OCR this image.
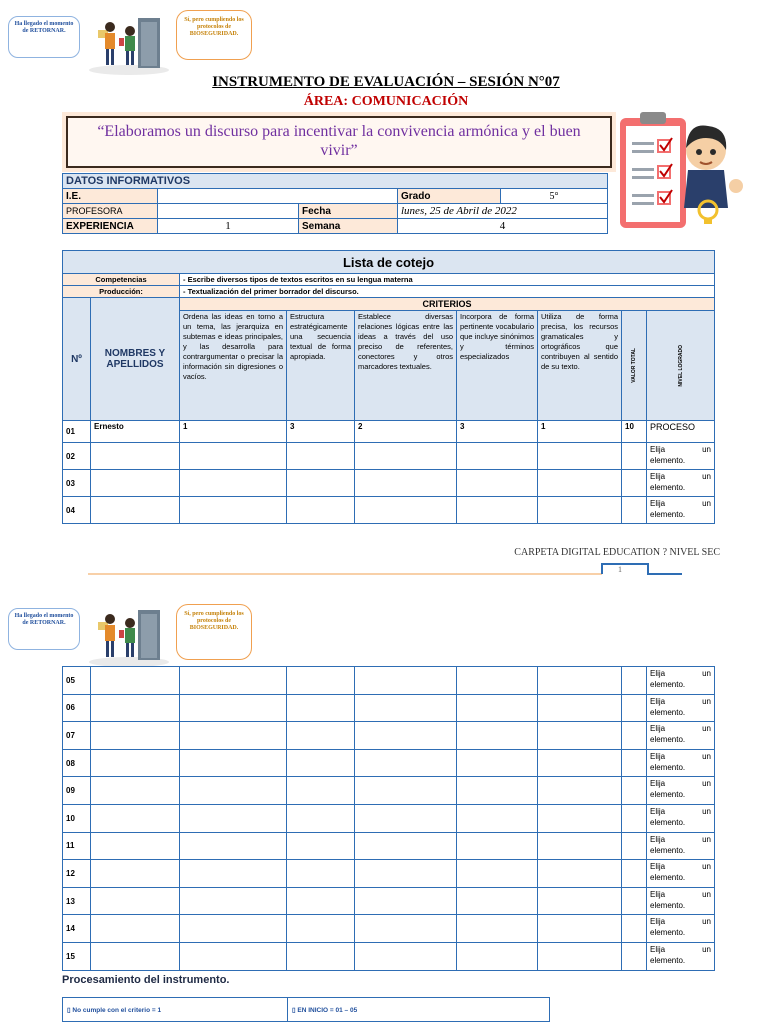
Ha llegado el momento de RETORNAR.
Sí, pero cumpliendo los protocolos de BIOSEGURIDAD.
INSTRUMENTO DE EVALUACIÓN – SESIÓN N°07
ÁREA: COMUNICACIÓN
“Elaboramos un discurso para incentivar la convivencia armónica y el buen vivir”
DATOS INFORMATIVOS				
I.E.			Grado	5°
PROFESORA		Fecha	lunes, 25 de Abril de 2022	
EXPERIENCIA	1	Semana	4	
Lista de cotejo								
Competencias		- Escribe diversos tipos de textos escritos en su lengua materna						
Producción:		- Textualización del primer borrador del discurso.						
Nº	NOMBRES Y APELLIDOS	CRITERIOS						
		Ordena las ideas en torno a un tema, las jerarquiza en subtemas e ideas principales, y las desarrolla para contrargumentar o precisar la información sin digresiones o vacíos.	Estructura estratégicamente una secuencia textual de forma apropiada.	Establece diversas relaciones lógicas entre las ideas a través del uso preciso de referentes, conectores y otros marcadores textuales.	Incorpora de forma pertinente vocabulario que incluye sinónimos y términos especializados	Utiliza de forma precisa, los recursos gramaticales y ortográficos que contribuyen al sentido de su texto.	VALOR TOTAL	NIVEL LOGRADO

01	Ernesto	1	3	2	3	1	10	PROCESO
02								Elija un
elemento.

03								Elija un
elemento.

04								Elija un
elemento.
CARPETA DIGITAL EDUCATION ? NIVEL SEC
1
Ha llegado el momento de RETORNAR.
Sí, pero cumpliendo los protocolos de BIOSEGURIDAD.
05								Elija un
elemento.

06								Elija un
elemento.

07								Elija un
elemento.

08								Elija un
elemento.

09								Elija un
elemento.

10								Elija un
elemento.

11								Elija un
elemento.

12								Elija un
elemento.

13								Elija un
elemento.

14								Elija un
elemento.

15								Elija un
elemento.
Procesamiento del instrumento.
▯ No cumple con el criterio = 1	▯ EN INICIO = 01 – 05
